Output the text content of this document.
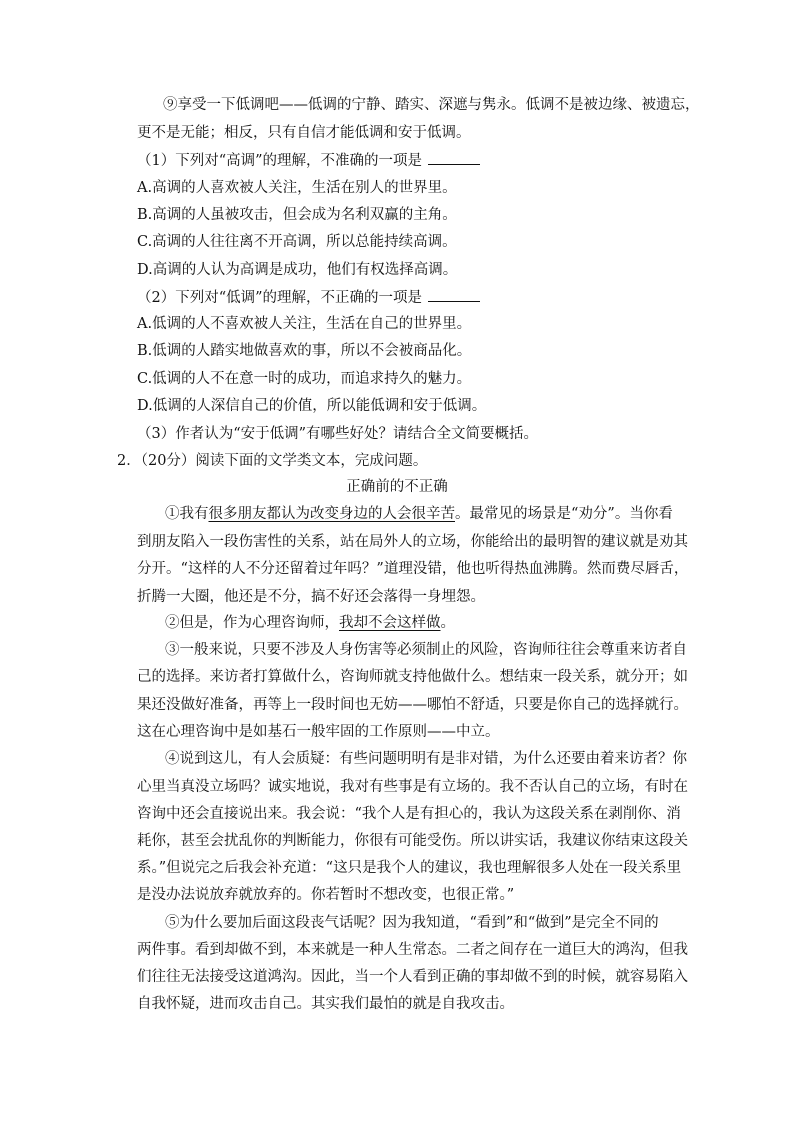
⑨享受一下低调吧——低调的宁静、踏实、深遮与隽永。低调不是被边缘、被遗忘，
更不是无能；相反，只有自信才能低调和安于低调。
（1）下列对“高调”的理解，不准确的一项是
A.高调的人喜欢被人关注，生活在别人的世界里。
B.高调的人虽被攻击，但会成为名利双赢的主角。
C.高调的人往往离不开高调，所以总能持续高调。
D.高调的人认为高调是成功，他们有权选择高调。
（2）下列对“低调”的理解，不正确的一项是
A.低调的人不喜欢被人关注，生活在自己的世界里。
B.低调的人踏实地做喜欢的事，所以不会被商品化。
C.低调的人不在意一时的成功，而追求持久的魅力。
D.低调的人深信自己的价值，所以能低调和安于低调。
（3）作者认为“安于低调”有哪些好处？请结合全文简要概括。
2．（20分）阅读下面的文学类文本，完成问题。
正确前的不正确
①我有很多朋友都认为改变身边的人会很辛苦。最常见的场景是“劝分”。当你看
到朋友陷入一段伤害性的关系，站在局外人的立场，你能给出的最明智的建议就是劝其
分开。“这样的人不分还留着过年吗？”道理没错，他也听得热血沸腾。然而费尽唇舌，
折腾一大圈，他还是不分，搞不好还会落得一身埋怨。
②但是，作为心理咨询师，我却不会这样做。
③一般来说，只要不涉及人身伤害等必须制止的风险，咨询师往往会尊重来访者自
己的选择。来访者打算做什么，咨询师就支持他做什么。想结束一段关系，就分开；如
果还没做好准备，再等上一段时间也无妨——哪怕不舒适，只要是你自己的选择就行。
这在心理咨询中是如基石一般牢固的工作原则——中立。
④说到这儿，有人会质疑：有些问题明明有是非对错，为什么还要由着来访者？你
心里当真没立场吗？诚实地说，我对有些事是有立场的。我不否认自己的立场，有时在
咨询中还会直接说出来。我会说：“我个人是有担心的，我认为这段关系在剥削你、消
耗你，甚至会扰乱你的判断能力，你很有可能受伤。所以讲实话，我建议你结束这段关
系。”但说完之后我会补充道：“这只是我个人的建议，我也理解很多人处在一段关系里
是没办法说放弃就放弃的。你若暂时不想改变，也很正常。”
⑤为什么要加后面这段丧气话呢？因为我知道，“看到”和“做到”是完全不同的
两件事。看到却做不到，本来就是一种人生常态。二者之间存在一道巨大的鸿沟，但我
们往往无法接受这道鸿沟。因此，当一个人看到正确的事却做不到的时候，就容易陷入
自我怀疑，进而攻击自己。其实我们最怕的就是自我攻击。
